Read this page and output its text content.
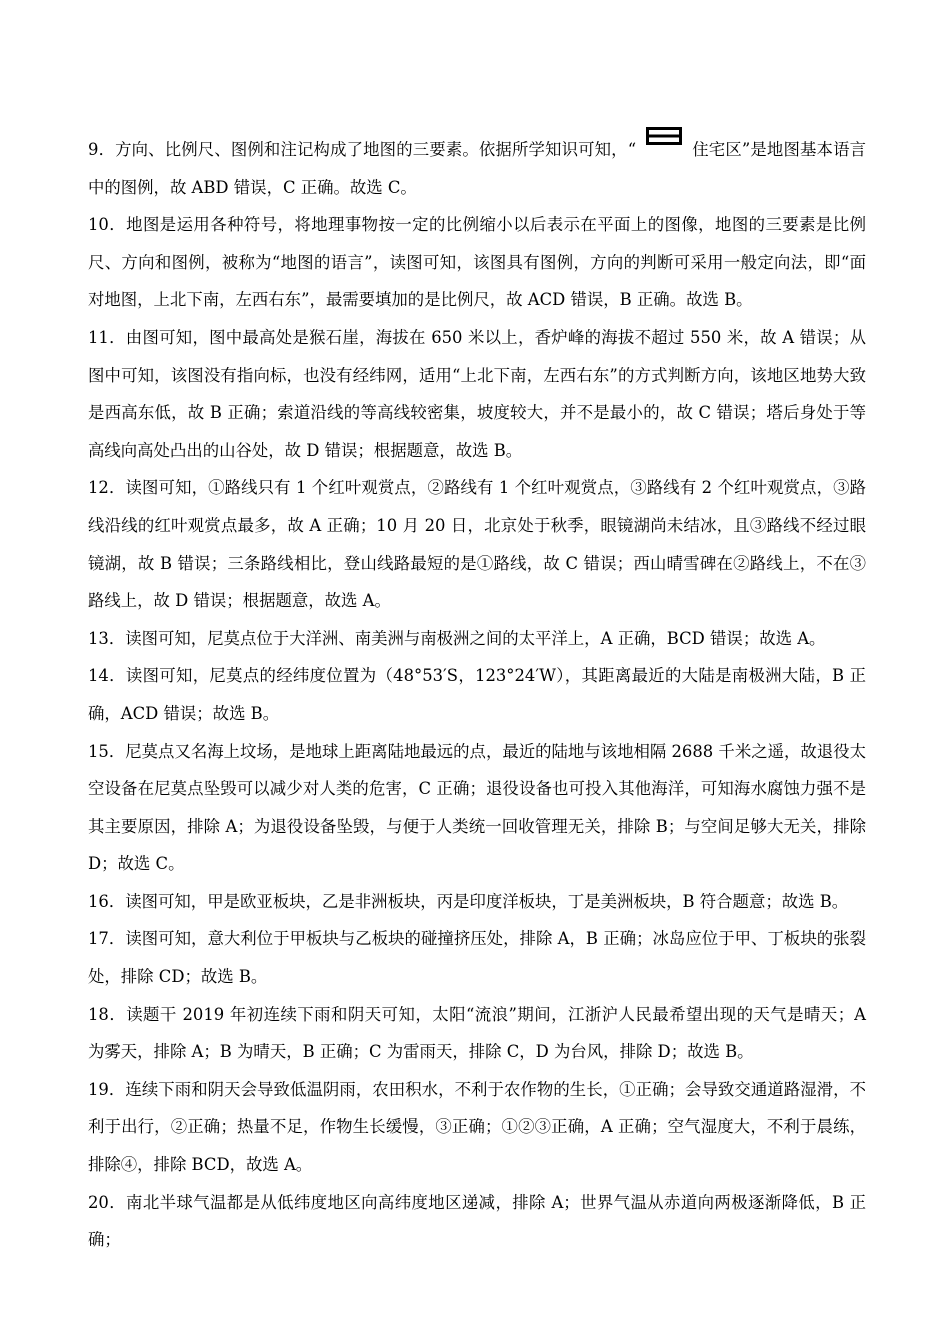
9．方向、比例尺、图例和注记构成了地图的三要素。依据所学知识可知，“	住宅区”是地图基本语言中的图例，故 ABD 错误，C 正确。故选 C。

10．地图是运用各种符号，将地理事物按一定的比例缩小以后表示在平面上的图像，地图的三要素是比例尺、方向和图例，被称为“地图的语言”，读图可知，该图具有图例，方向的判断可采用一般定向法，即“面对地图，上北下南，左西右东”，最需要填加的是比例尺，故 ACD 错误，B 正确。故选 B。

11．由图可知，图中最高处是猴石崖，海拔在 650 米以上，香炉峰的海拔不超过 550 米，故 A 错误；从图中可知，该图没有指向标，也没有经纬网，适用“上北下南，左西右东”的方式判断方向，该地区地势大致是西高东低，故 B 正确；索道沿线的等高线较密集，坡度较大，并不是最小的，故 C 错误；塔后身处于等高线向高处凸出的山谷处，故 D 错误；根据题意，故选 B。

12．读图可知，①路线只有 1 个红叶观赏点，②路线有 1 个红叶观赏点，③路线有 2 个红叶观赏点，③路线沿线的红叶观赏点最多，故 A 正确；10 月 20 日，北京处于秋季，眼镜湖尚未结冰，且③路线不经过眼镜湖，故 B 错误；三条路线相比，登山线路最短的是①路线，故 C 错误；西山晴雪碑在②路线上，不在③路线上，故 D 错误；根据题意，故选 A。

13．读图可知，尼莫点位于大洋洲、南美洲与南极洲之间的太平洋上，A 正确，BCD 错误；故选 A。

14．读图可知，尼莫点的经纬度位置为（48°53′S，123°24′W），其距离最近的大陆是南极洲大陆，B 正确，ACD 错误；故选 B。

15．尼莫点又名海上坟场，是地球上距离陆地最远的点，最近的陆地与该地相隔 2688 千米之遥，故退役太空设备在尼莫点坠毁可以减少对人类的危害，C 正确；退役设备也可投入其他海洋，可知海水腐蚀力强不是其主要原因，排除 A；为退役设备坠毁，与便于人类统一回收管理无关，排除 B；与空间足够大无关，排除 D；故选 C。

16．读图可知，甲是欧亚板块，乙是非洲板块，丙是印度洋板块，丁是美洲板块，B 符合题意；故选 B。

17．读图可知，意大利位于甲板块与乙板块的碰撞挤压处，排除 A，B 正确；冰岛应位于甲、丁板块的张裂处，排除 CD；故选 B。

18．读题干 2019 年初连续下雨和阴天可知，太阳“流浪”期间，江浙沪人民最希望出现的天气是晴天；A 为雾天，排除 A；B 为晴天，B 正确；C 为雷雨天，排除 C，D 为台风，排除 D；故选 B。

19．连续下雨和阴天会导致低温阴雨，农田积水，不利于农作物的生长，①正确；会导致交通道路湿滑，不利于出行，②正确；热量不足，作物生长缓慢，③正确；①②③正确，A 正确；空气湿度大，不利于晨练，排除④，排除 BCD，故选 A。

20．南北半球气温都是从低纬度地区向高纬度地区递减，排除 A；世界气温从赤道向两极逐渐降低，B 正确；
